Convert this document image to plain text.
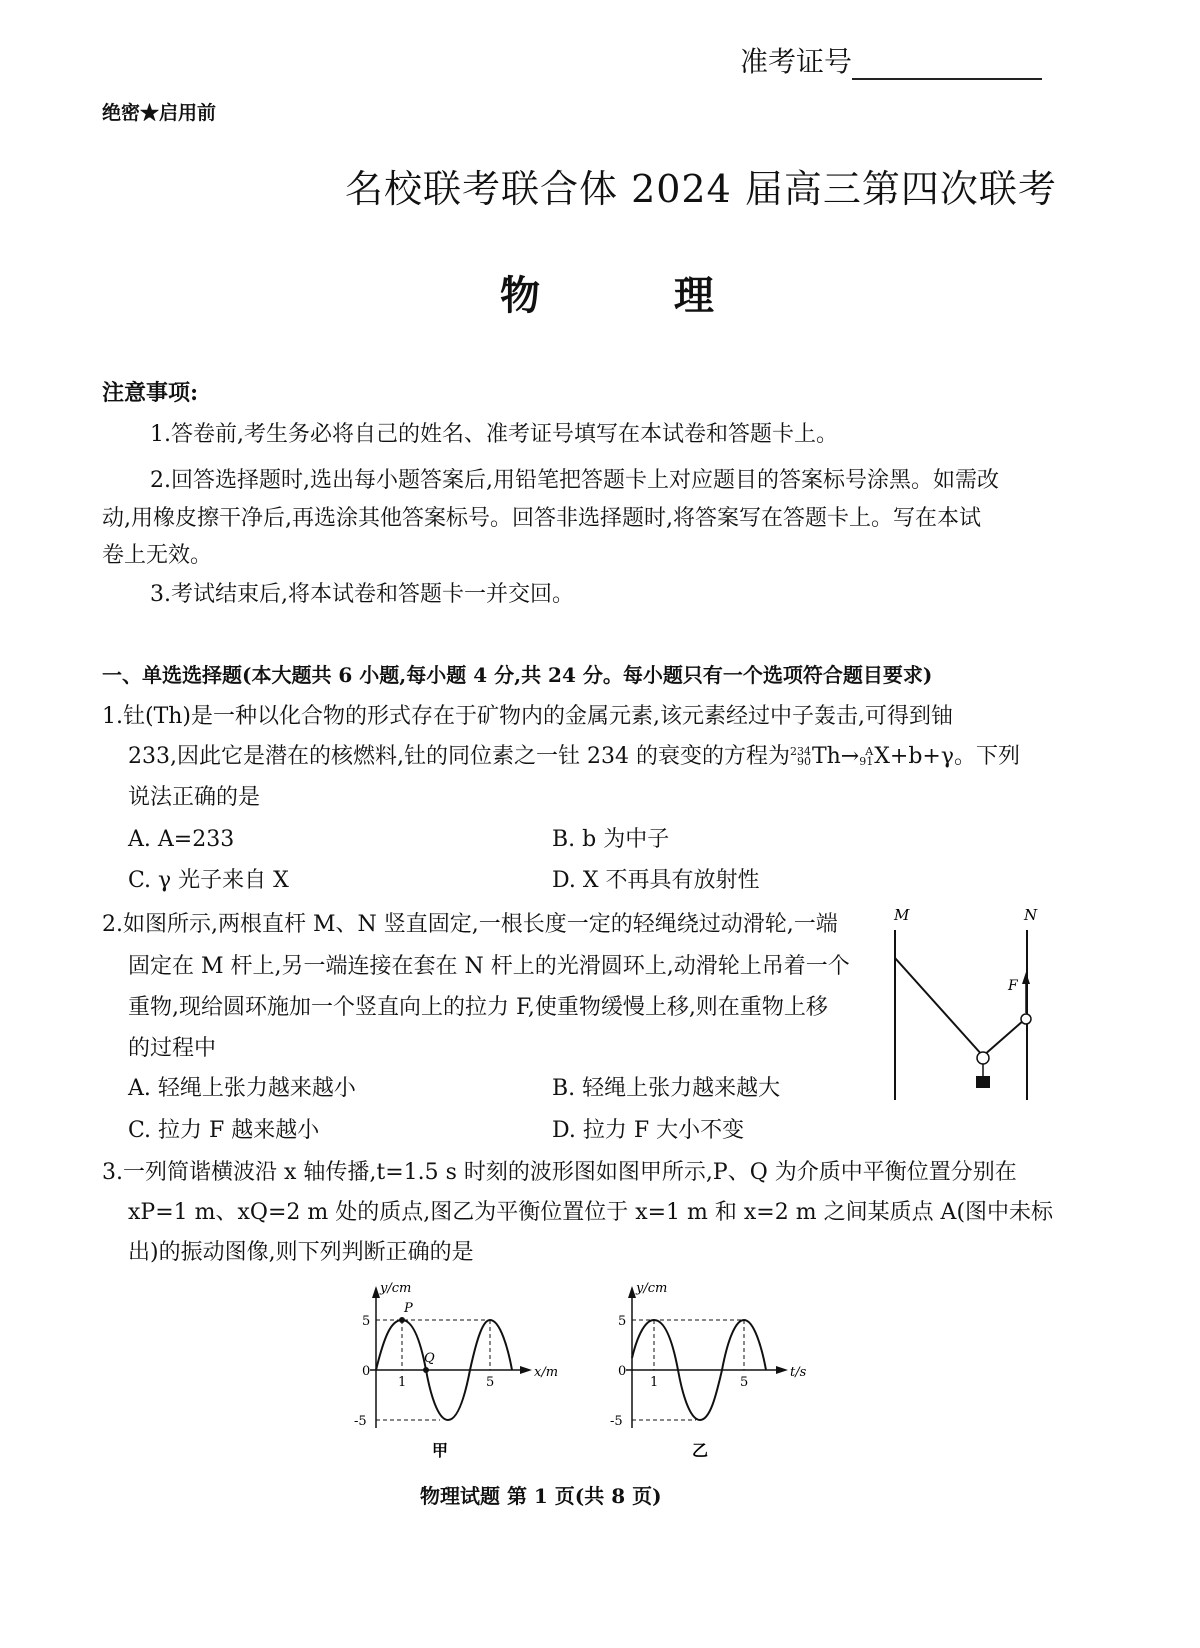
准考证号
绝密★启用前
名校联考联合体 2024 届高三第四次联考
物 理
注意事项:
1.答卷前,考生务必将自己的姓名、准考证号填写在本试卷和答题卡上。
2.回答选择题时,选出每小题答案后,用铅笔把答题卡上对应题目的答案标号涂黑。如需改
动,用橡皮擦干净后,再选涂其他答案标号。回答非选择题时,将答案写在答题卡上。写在本试
卷上无效。
3.考试结束后,将本试卷和答题卡一并交回。
一、单选选择题(本大题共 6 小题,每小题 4 分,共 24 分。每小题只有一个选项符合题目要求)
1.钍(Th)是一种以化合物的形式存在于矿物内的金属元素,该元素经过中子轰击,可得到铀
233,因此它是潜在的核燃料,钍的同位素之一钍 234 的衰变的方程为 234
90 Th→ A
91 X+b+γ。下列
说法正确的是
A. A=233	B. b 为中子
C. γ 光子来自 X	D. X 不再具有放射性
2.如图所示,两根直杆 M、N 竖直固定,一根长度一定的轻绳绕过动滑轮,一端
固定在 M 杆上,另一端连接在套在 N 杆上的光滑圆环上,动滑轮上吊着一个
重物,现给圆环施加一个竖直向上的拉力 F,使重物缓慢上移,则在重物上移
的过程中
A. 轻绳上张力越来越小	B. 轻绳上张力越来越大
C. 拉力 F 越来越小	D. 拉力 F 大小不变
M	N
F
3.一列简谐横波沿 x 轴传播,t=1.5 s 时刻的波形图如图甲所示,P、Q 为介质中平衡位置分别在
xP=1 m、xQ=2 m 处的质点,图乙为平衡位置位于 x=1 m 和 x=2 m 之间某质点 A(图中未标
出)的振动图像,则下列判断正确的是
y/cm
x/m
5
0
-5
1	5
P
Q
甲
y/cm
t/s
5
0
-5
1	5
乙
物理试题 第 1 页(共 8 页)
